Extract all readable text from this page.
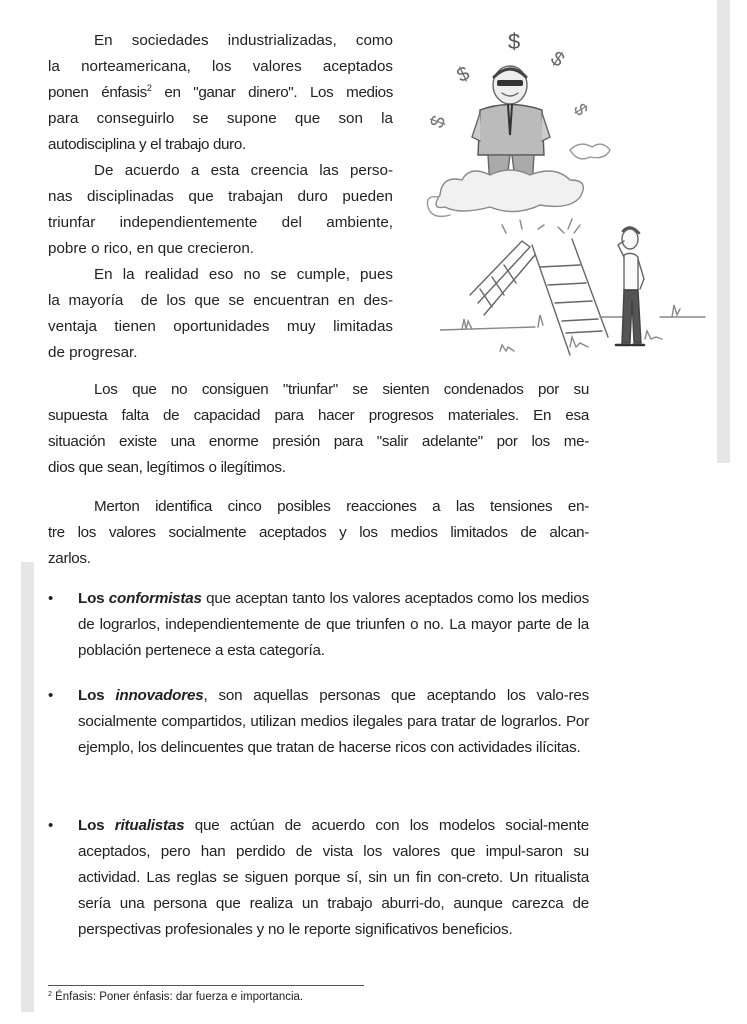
En sociedades industrializadas, como
la norteamericana, los valores aceptados
ponen énfasis$^2$ en "ganar dinero". Los medios
para conseguirlo se supone que son la
autodisciplina y el trabajo duro.
De acuerdo a esta creencia las perso-
nas disciplinadas que trabajan duro pueden
triunfar independientemente del ambiente,
pobre o rico, en que crecieron.
En la realidad eso no se cumple, pues
la mayoría  de los que se encuentran en des-
ventaja tienen oportunidades muy limitadas
de progresar.
Los que no consiguen "triunfar" se sienten condenados por su
supuesta falta de capacidad para hacer progresos materiales. En esa
situación existe una enorme presión para "salir adelante" por los me-
dios que sean, legítimos o ilegítimos.
Merton identifica cinco posibles reacciones a las tensiones en-
tre los valores socialmente aceptados y los medios limitados de alcan-
zarlos.
•	Los conformistas que aceptan tanto los valores aceptados como los medios de lograrlos, independientemente de que triunfen o no. La mayor parte de la población pertenece a esta categoría.
•	Los innovadores, son aquellas personas que aceptando los valo-res socialmente compartidos, utilizan medios ilegales para tratar de lograrlos. Por ejemplo, los delincuentes que tratan de hacerse ricos con actividades ilícitas.
•	Los ritualistas que actúan de acuerdo con los modelos social-mente aceptados, pero han perdido de vista los valores que impul-saron su actividad. Las reglas se siguen porque sí, sin un fin con-creto. Un ritualista sería una persona que realiza un trabajo aburri-do, aunque carezca de perspectivas profesionales y no le reporte significativos beneficios.
$^2$ Énfasis: Poner énfasis: dar fuerza e importancia.
$
$
$
$
$
